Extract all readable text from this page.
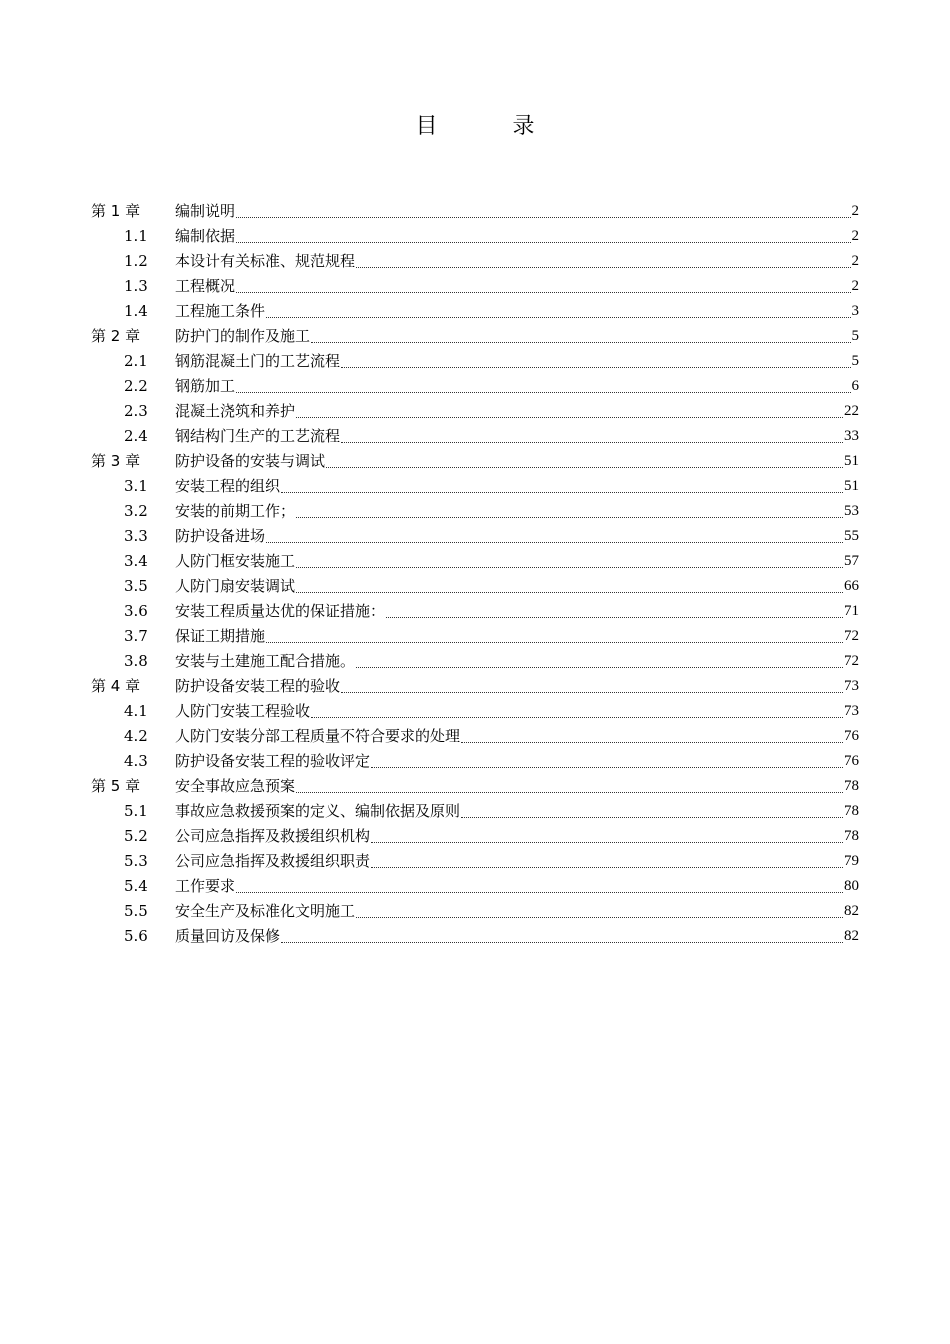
目 录
第 1 章	编制说明	2
1.1	编制依据	2
1.2	本设计有关标准、规范规程	2
1.3	工程概况	2
1.4	工程施工条件	3
第 2 章	防护门的制作及施工	5
2.1	钢筋混凝土门的工艺流程	5
2.2	钢筋加工	6
2.3	混凝土浇筑和养护	22
2.4	钢结构门生产的工艺流程	33
第 3 章	防护设备的安装与调试	51
3.1	安装工程的组织	51
3.2	安装的前期工作；	53
3.3	防护设备进场	55
3.4	人防门框安装施工	57
3.5	人防门扇安装调试	66
3.6	安装工程质量达优的保证措施：	71
3.7	保证工期措施	72
3.8	安装与土建施工配合措施。	72
第 4 章	防护设备安装工程的验收	73
4.1	人防门安装工程验收	73
4.2	人防门安装分部工程质量不符合要求的处理	76
4.3	防护设备安装工程的验收评定	76
第 5 章	安全事故应急预案	78
5.1	事故应急救援预案的定义、编制依据及原则	78
5.2	公司应急指挥及救援组织机构	78
5.3	公司应急指挥及救援组织职责	79
5.4	工作要求	80
5.5	安全生产及标准化文明施工	82
5.6	质量回访及保修	82
